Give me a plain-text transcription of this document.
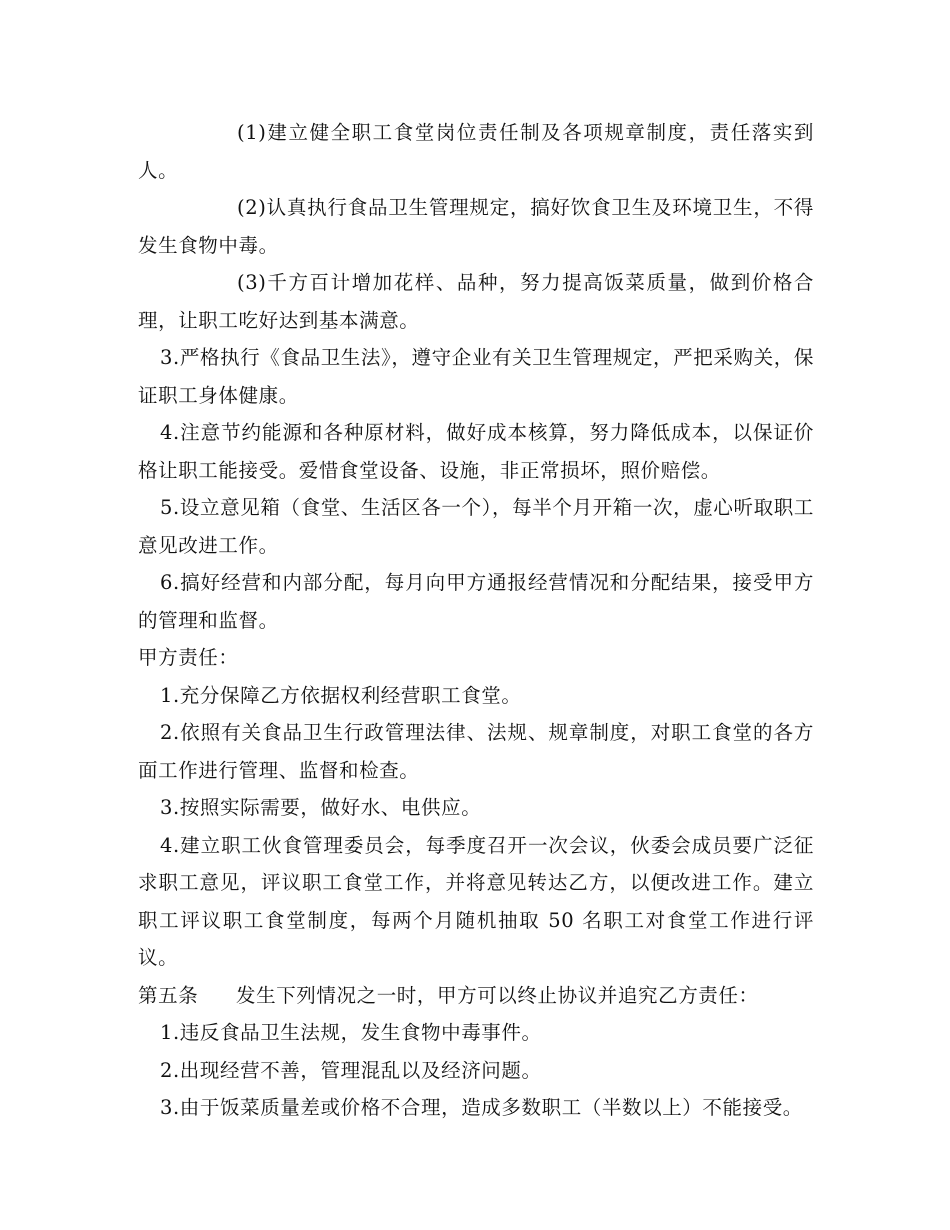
(1)建立健全职工食堂岗位责任制及各项规章制度，责任落实到人。

(2)认真执行食品卫生管理规定，搞好饮食卫生及环境卫生，不得发生食物中毒。

(3)千方百计增加花样、品种，努力提高饭菜质量，做到价格合理，让职工吃好达到基本满意。

3.严格执行《食品卫生法》，遵守企业有关卫生管理规定，严把采购关，保证职工身体健康。

4.注意节约能源和各种原材料，做好成本核算，努力降低成本，以保证价格让职工能接受。爱惜食堂设备、设施，非正常损坏，照价赔偿。

5.设立意见箱（食堂、生活区各一个），每半个月开箱一次，虚心听取职工意见改进工作。

6.搞好经营和内部分配，每月向甲方通报经营情况和分配结果，接受甲方的管理和监督。

甲方责任：

1.充分保障乙方依据权利经营职工食堂。

2.依照有关食品卫生行政管理法律、法规、规章制度，对职工食堂的各方面工作进行管理、监督和检查。

3.按照实际需要，做好水、电供应。

4.建立职工伙食管理委员会，每季度召开一次会议，伙委会成员要广泛征求职工意见，评议职工食堂工作，并将意见转达乙方，以便改进工作。建立职工评议职工食堂制度，每两个月随机抽取 50 名职工对食堂工作进行评议。

第五条 发生下列情况之一时，甲方可以终止协议并追究乙方责任：

1.违反食品卫生法规，发生食物中毒事件。

2.出现经营不善，管理混乱以及经济问题。

3.由于饭菜质量差或价格不合理，造成多数职工（半数以上）不能接受。
